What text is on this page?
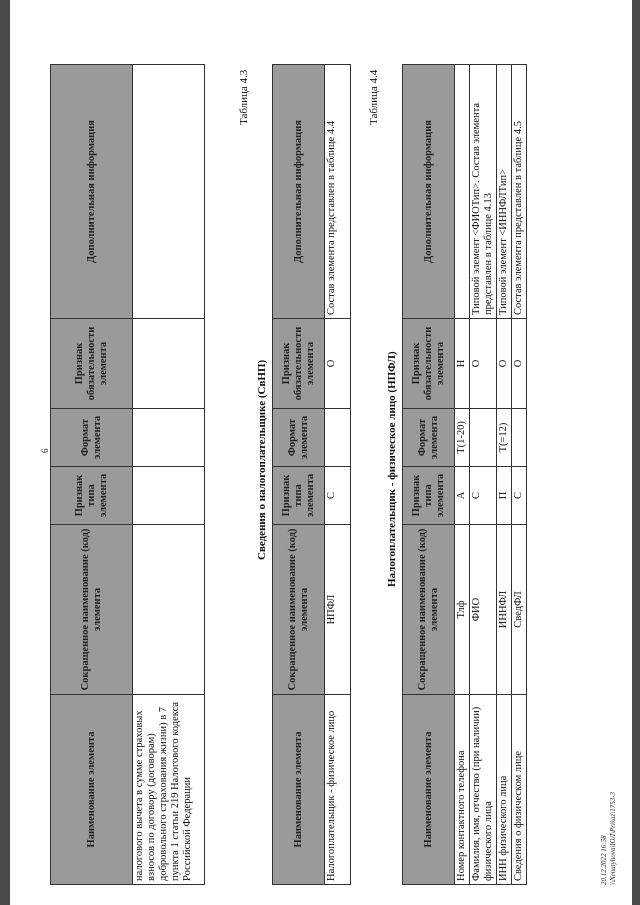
6
Наименование элемента	Сокращенное наименование (код) элемента	Признак типа элемента	Формат элемента	Признак обязательности элемента	Дополнительная информация
налогового вычета в сумме страховых взносов по договору (договорам) добровольного страхования жизни) в 7 пункта 1 статьи 219 Налогового кодекса Российской Федерации					
Таблица 4.3
Сведения о налогоплательщике (СвНП)
Наименование элемента	Сокращенное наименование (код) элемента	Признак типа элемента	Формат элемента	Признак обязательности элемента	Дополнительная информация
Налогоплательщик - физическое лицо	НПФЛ	С		О	Состав элемента представлен в таблице 4.4
Таблица 4.4
Налогоплательщик - физическое лицо (НПФЛ)
Наименование элемента	Сокращенное наименование (код) элемента	Признак типа элемента	Формат элемента	Признак обязательности элемента	Дополнительная информация
Номер контактного телефона	Тлф	А	T(1-20)	Н	
Фамилия, имя, отчество (при наличии) физического лица	ФИО	С		О	Типовой элемент <ФИОТип>. Состав элемента представлен в таблице 4.13
ИНН физического лица	ИННФЛ	П	T(=12)	О	Типовой элемент <ИННФЛТип>
Сведения о физическом лице	СведФЛ	С		О	Состав элемента представлен в таблице 4.5
20.12.2022 16:58 \\Nenatyhova\ЮЛ\Prikaz\1753-3
